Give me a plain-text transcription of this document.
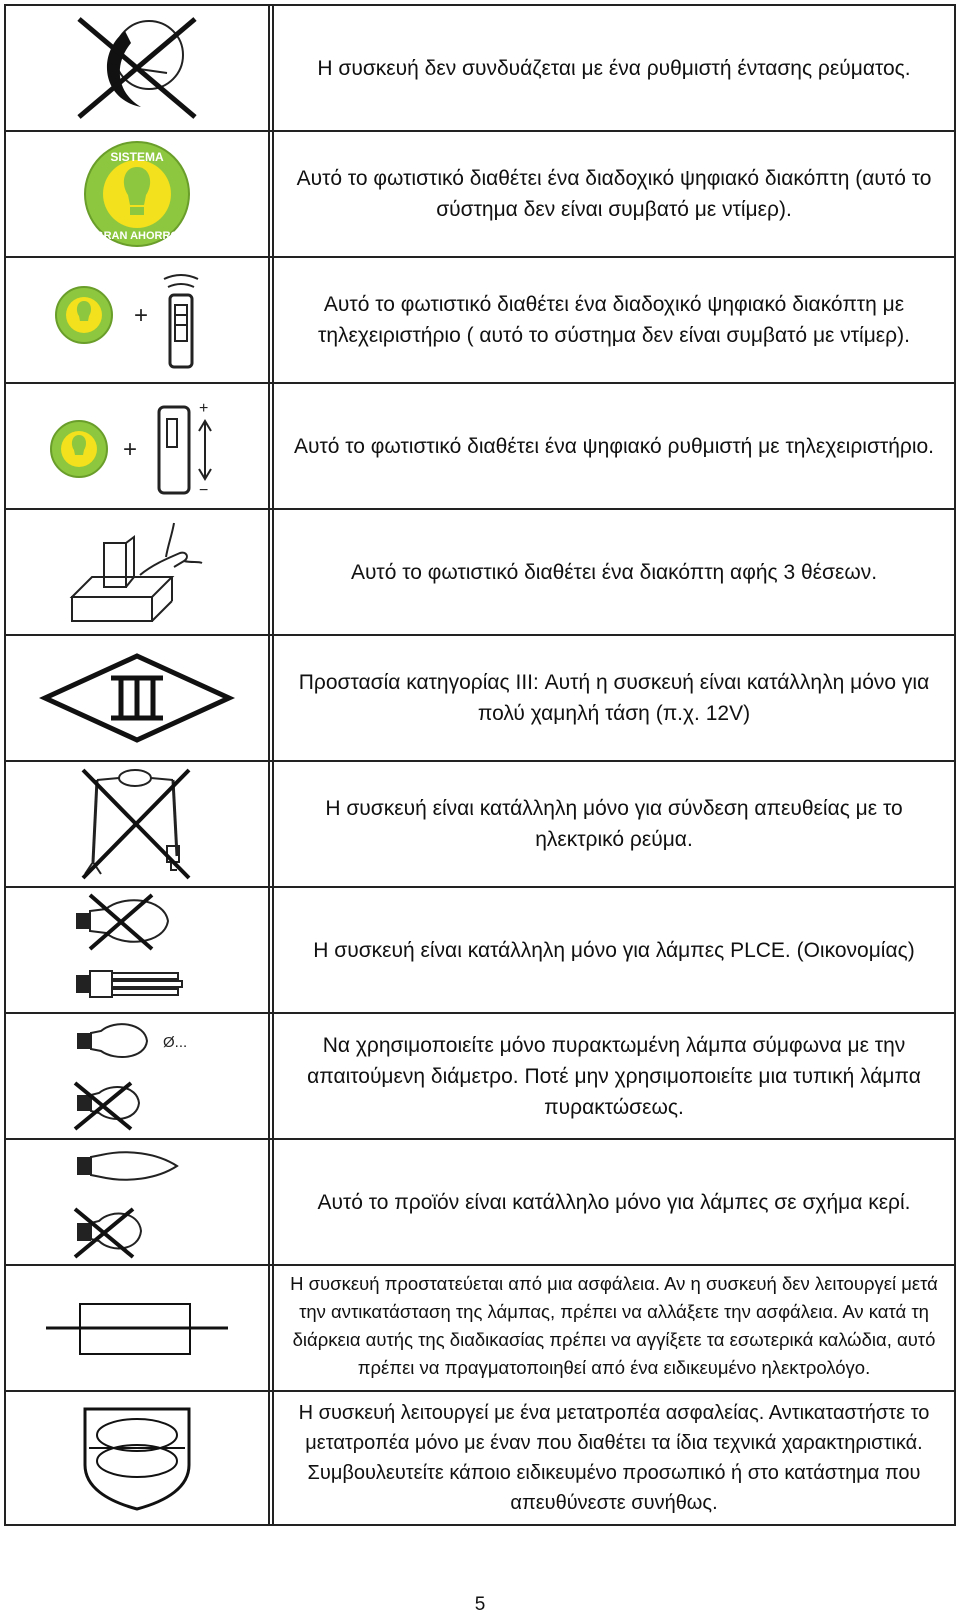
Η συσκευή δεν συνδυάζεται με ένα ρυθμιστή έντασης ρεύματος.
SISTEMA
GRAN AHORRO
Αυτό το φωτιστικό διαθέτει ένα διαδοχικό ψηφιακό διακόπτη (αυτό το σύστημα δεν είναι συμβατό με ντίμερ).
+	Αυτό το φωτιστικό διαθέτει ένα διαδοχικό ψηφιακό διακόπτη με τηλεχειριστήριο ( αυτό το σύστημα δεν είναι συμβατό με ντίμερ).
+
+
−
Αυτό το φωτιστικό διαθέτει ένα ψηφιακό ρυθμιστή με τηλεχειριστήριο.
Αυτό το φωτιστικό διαθέτει ένα διακόπτη αφής 3 θέσεων.
Προστασία κατηγορίας III: Αυτή η συσκευή είναι κατάλληλη μόνο για πολύ χαμηλή τάση (π.χ. 12V)
Η συσκευή είναι κατάλληλη μόνο για σύνδεση απευθείας με το ηλεκτρικό ρεύμα.
Η συσκευή είναι κατάλληλη μόνο για λάμπες PLCE. (Οικονομίας)
Ø...	Να χρησιμοποιείτε μόνο πυρακτωμένη λάμπα σύμφωνα με την απαιτούμενη διάμετρο. Ποτέ μην χρησιμοποιείτε μια τυπική λάμπα πυρακτώσεως.
Αυτό το προϊόν είναι κατάλληλο μόνο για λάμπες σε σχήμα κερί.
Η συσκευή προστατεύεται από μια ασφάλεια. Αν η συσκευή δεν λειτουργεί μετά την αντικατάσταση της λάμπας, πρέπει να αλλάξετε την ασφάλεια. Αν κατά τη διάρκεια αυτής της διαδικασίας πρέπει να αγγίξετε τα εσωτερικά καλώδια, αυτό πρέπει να πραγματοποιηθεί από ένα ειδικευμένο ηλεκτρολόγο.
Η συσκευή λειτουργεί με ένα μετατροπέα ασφαλείας. Αντικαταστήστε το μετατροπέα μόνο με έναν που διαθέτει τα ίδια τεχνικά χαρακτηριστικά. Συμβουλευτείτε κάποιο ειδικευμένο προσωπικό ή στο κατάστημα που απευθύνεστε συνήθως.
5
